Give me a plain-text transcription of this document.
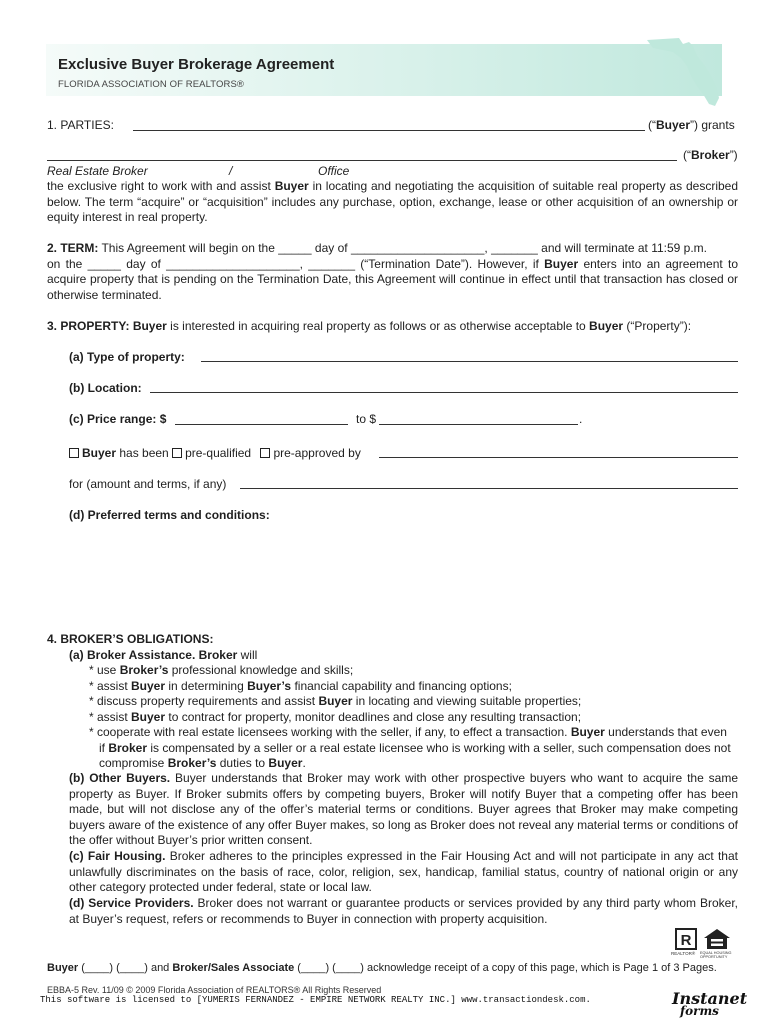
Exclusive Buyer Brokerage Agreement
FLORIDA ASSOCIATION OF REALTORS®
1. PARTIES:	(“Buyer”) grants
(“Broker”)
Real Estate Broker	/	Office
the exclusive right to work with and assist Buyer in locating and negotiating the acquisition of suitable real property as described below. The term “acquire” or “acquisition” includes any purchase, option, exchange, lease or other acquisition of an ownership or equity interest in real property.
2. TERM: This Agreement will begin on the _____ day of ____________________, _______ and will terminate at 11:59 p.m.
on the _____ day of ____________________, _______ (“Termination Date”). However, if Buyer enters into an agreement to acquire property that is pending on the Termination Date, this Agreement will continue in effect until that transaction has closed or otherwise terminated.
3. PROPERTY: Buyer is interested in acquiring real property as follows or as otherwise acceptable to Buyer (“Property”):
(a) Type of property:
(b) Location:
(c) Price range: $	to $	.
Buyer has been pre-qualified pre-approved by
for (amount and terms, if any)
(d) Preferred terms and conditions:
4. BROKER’S OBLIGATIONS:
(a) Broker Assistance. Broker will
* use Broker’s professional knowledge and skills;
* assist Buyer in determining Buyer’s financial capability and financing options;
* discuss property requirements and assist Buyer in locating and viewing suitable properties;
* assist Buyer to contract for property, monitor deadlines and close any resulting transaction;
* cooperate with real estate licensees working with the seller, if any, to effect a transaction. Buyer understands that even
if Broker is compensated by a seller or a real estate licensee who is working with a seller, such compensation does not
compromise Broker’s duties to Buyer.
(b) Other Buyers. Buyer understands that Broker may work with other prospective buyers who want to acquire the same property as Buyer. If Broker submits offers by competing buyers, Broker will notify Buyer that a competing offer has been made, but will not disclose any of the offer’s material terms or conditions. Buyer agrees that Broker may make competing buyers aware of the existence of any offer Buyer makes, so long as Broker does not reveal any material terms or conditions of the offer without Buyer’s prior written consent.
(c) Fair Housing. Broker adheres to the principles expressed in the Fair Housing Act and will not participate in any act that unlawfully discriminates on the basis of race, color, religion, sex, handicap, familial status, country of national origin or any other category protected under federal, state or local law.
(d) Service Providers. Broker does not warrant or guarantee products or services provided by any third party whom Broker, at Buyer’s request, refers or recommends to Buyer in connection with property acquisition.
R
REALTOR® EQUAL HOUSING OPPORTUNITY
Buyer (____) (____) and Broker/Sales Associate (____) (____) acknowledge receipt of a copy of this page, which is Page 1 of 3 Pages.
EBBA-5 Rev. 11/09 © 2009 Florida Association of REALTORS® All Rights Reserved
This software is licensed to [YUMERIS FERNANDEZ - EMPIRE NETWORK REALTY INC.] www.transactiondesk.com.	Instanet
forms
